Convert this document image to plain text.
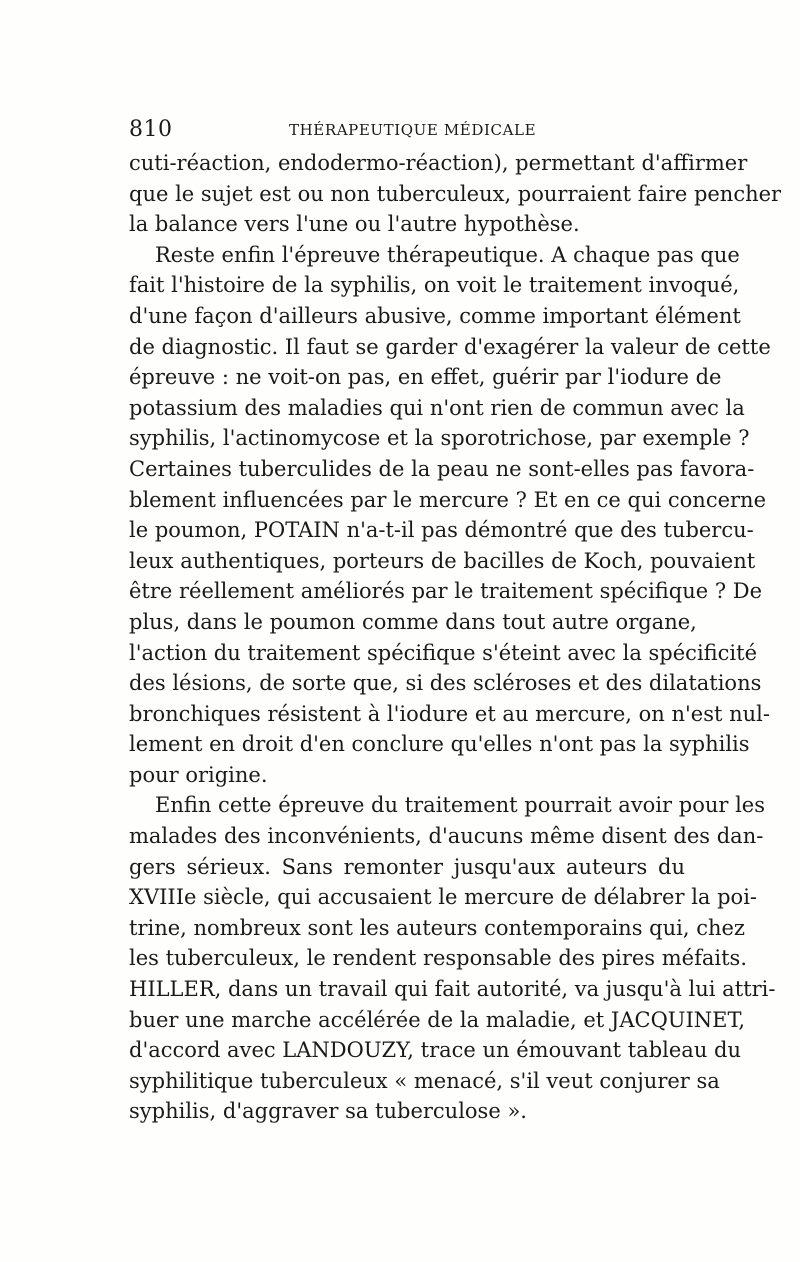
810	THÉRAPEUTIQUE MÉDICALE
cuti-réaction, endodermo-réaction), permettant d'affirmer
que le sujet est ou non tuberculeux, pourraient faire pencher
la balance vers l'une ou l'autre hypothèse.
Reste enfin l'épreuve thérapeutique. A chaque pas que
fait l'histoire de la syphilis, on voit le traitement invoqué,
d'une façon d'ailleurs abusive, comme important élément
de diagnostic. Il faut se garder d'exagérer la valeur de cette
épreuve : ne voit-on pas, en effet, guérir par l'iodure de
potassium des maladies qui n'ont rien de commun avec la
syphilis, l'actinomycose et la sporotrichose, par exemple ?
Certaines tuberculides de la peau ne sont-elles pas favora-
blement influencées par le mercure ? Et en ce qui concerne
le poumon, POTAIN n'a-t-il pas démontré que des tubercu-
leux authentiques, porteurs de bacilles de Koch, pouvaient
être réellement améliorés par le traitement spécifique ? De
plus, dans le poumon comme dans tout autre organe,
l'action du traitement spécifique s'éteint avec la spécificité
des lésions, de sorte que, si des scléroses et des dilatations
bronchiques résistent à l'iodure et au mercure, on n'est nul-
lement en droit d'en conclure qu'elles n'ont pas la syphilis
pour origine.
Enfin cette épreuve du traitement pourrait avoir pour les
malades des inconvénients, d'aucuns même disent des dan-
gers sérieux. Sans remonter jusqu'aux auteurs du
XVIIIe siècle, qui accusaient le mercure de délabrer la poi-
trine, nombreux sont les auteurs contemporains qui, chez
les tuberculeux, le rendent responsable des pires méfaits.
HILLER, dans un travail qui fait autorité, va jusqu'à lui attri-
buer une marche accélérée de la maladie, et JACQUINET,
d'accord avec LANDOUZY, trace un émouvant tableau du
syphilitique tuberculeux « menacé, s'il veut conjurer sa
syphilis, d'aggraver sa tuberculose ».
